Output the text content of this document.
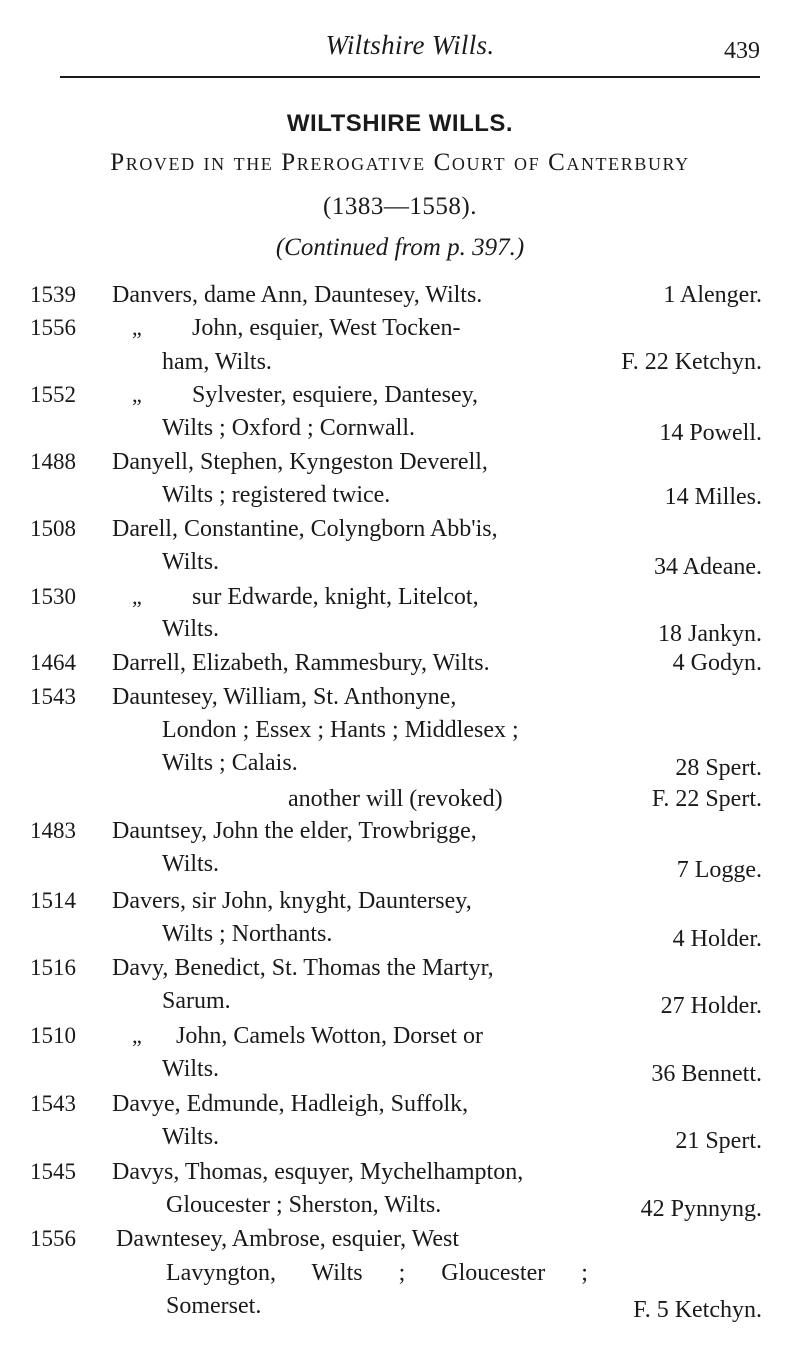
Wiltshire Wills.	439
WILTSHIRE WILLS.
Proved in the Prerogative Court of Canterbury
(1383—1558).
(Continued from p. 397.)
1539	Danvers, dame Ann, Dauntesey, Wilts.	1 Alenger.
1556	„ John, esquier, West Tocken-
ham, Wilts.	F. 22 Ketchyn.
1552	„ Sylvester, esquiere, Dantesey,
Wilts ; Oxford ; Cornwall.	14 Powell.
1488	Danyell, Stephen, Kyngeston Deverell,
Wilts ; registered twice.	14 Milles.
1508	Darell, Constantine, Colyngborn Abb'is,
Wilts.	34 Adeane.
1530	„ sur Edwarde, knight, Litelcot,
Wilts.	18 Jankyn.
1464	Darrell, Elizabeth, Rammesbury, Wilts.	4 Godyn.
1543	Dauntesey, William, St. Anthonyne,
London ; Essex ; Hants ; Middlesex ;
Wilts ; Calais.	28 Spert.
another will (revoked)	F. 22 Spert.
1483	Dauntsey, John the elder, Trowbrigge,
Wilts.	7 Logge.
1514	Davers, sir John, knyght, Dauntersey,
Wilts ; Northants.	4 Holder.
1516	Davy, Benedict, St. Thomas the Martyr,
Sarum.	27 Holder.
1510	„ John, Camels Wotton, Dorset or
Wilts.	36 Bennett.
1543	Davye, Edmunde, Hadleigh, Suffolk,
Wilts.	21 Spert.
1545	Davys, Thomas, esquyer, Mychelhampton,
Gloucester ; Sherston, Wilts.	42 Pynnyng.
1556	Dawntesey, Ambrose, esquier, West
Lavyngton, Wilts ; Gloucester ;
Somerset.	F. 5 Ketchyn.
